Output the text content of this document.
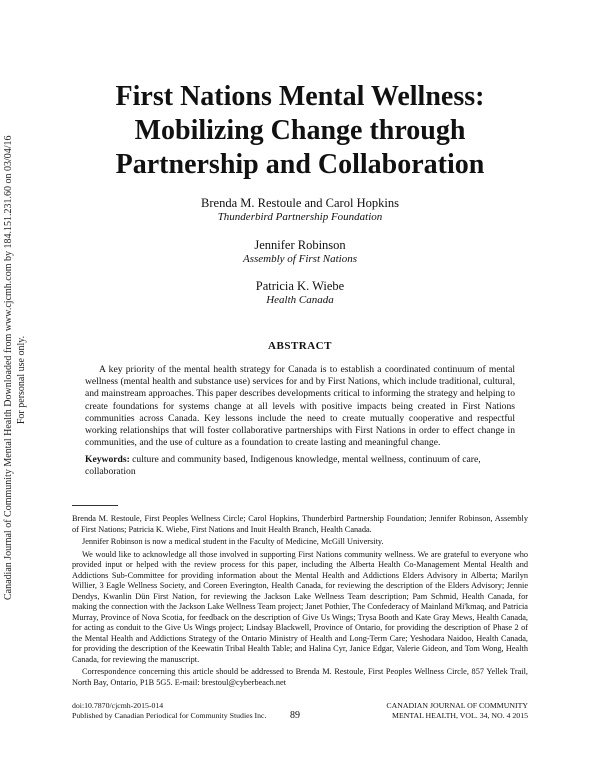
Canadian Journal of Community Mental Health Downloaded from www.cjcmh.com by 184.151.231.60 on 03/04/16 For personal use only.
First Nations Mental Wellness:
Mobilizing Change through
Partnership and Collaboration
Brenda M. Restoule and Carol Hopkins
Thunderbird Partnership Foundation
Jennifer Robinson
Assembly of First Nations
Patricia K. Wiebe
Health Canada
ABSTRACT
A key priority of the mental health strategy for Canada is to establish a coordinated continuum of mental wellness (mental health and substance use) services for and by First Nations, which include traditional, cultural, and mainstream approaches. This paper describes developments critical to informing the strategy and helping to create foundations for systems change at all levels with positive impacts being created in First Nations communities across Canada. Key lessons include the need to create mutually cooperative and respectful working relationships that will foster collaborative partnerships with First Nations in order to effect change in communities, and the use of culture as a foundation to create lasting and meaningful change.
Keywords: culture and community based, Indigenous knowledge, mental wellness, continuum of care, collaboration

Brenda M. Restoule, First Peoples Wellness Circle; Carol Hopkins, Thunderbird Partnership Foundation; Jennifer Robinson, Assembly of First Nations; Patricia K. Wiebe, First Nations and Inuit Health Branch, Health Canada.

Jennifer Robinson is now a medical student in the Faculty of Medicine, McGill University.

We would like to acknowledge all those involved in supporting First Nations community wellness. We are grateful to everyone who provided input or helped with the review process for this paper, including the Alberta Health Co-Management Mental Health and Addictions Sub-Committee for providing information about the Mental Health and Addictions Elders Advisory in Alberta; Marilyn Willier, 3 Eagle Wellness Society, and Coreen Everington, Health Canada, for reviewing the description of the Elders Advisory; Jennie Dendys, Kwanlin Dün First Nation, for reviewing the Jackson Lake Wellness Team description; Pam Schmid, Health Canada, for making the connection with the Jackson Lake Wellness Team project; Janet Pothier, The Confederacy of Mainland Mi'kmaq, and Patricia Murray, Province of Nova Scotia, for feedback on the description of Give Us Wings; Trysa Booth and Kate Gray Mews, Health Canada, for acting as conduit to the Give Us Wings project; Lindsay Blackwell, Province of Ontario, for providing the description of Phase 2 of the Mental Health and Addictions Strategy of the Ontario Ministry of Health and Long-Term Care; Yeshodara Naidoo, Health Canada, for providing the description of the Keewatin Tribal Health Table; and Halina Cyr, Janice Edgar, Valerie Gideon, and Tom Wong, Health Canada, for reviewing the manuscript.

Correspondence concerning this article should be addressed to Brenda M. Restoule, First Peoples Wellness Circle, 857 Yellek Trail, North Bay, Ontario, P1B 5G5. E-mail: brestoul@cyberbeach.net

doi:10.7870/cjcmh-2015-014
Published by Canadian Periodical for Community Studies Inc. 89
CANADIAN JOURNAL OF COMMUNITY
MENTAL HEALTH, VOL. 34, NO. 4 2015
